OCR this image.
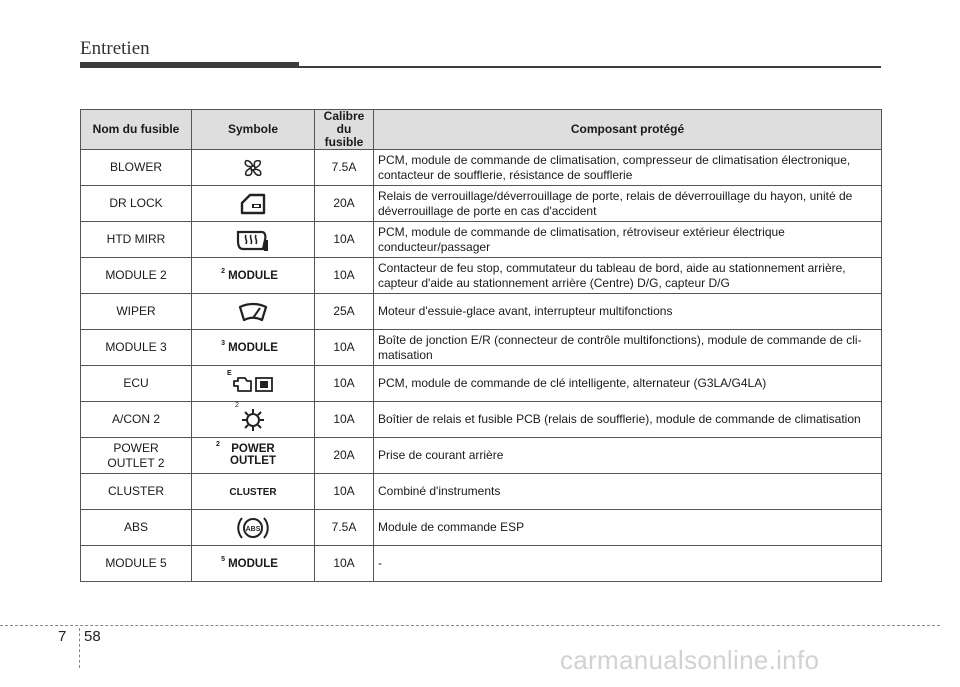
Entretien
Nom du fusible	Symbole	Calibre du fusible	Composant protégé
BLOWER		7.5A	PCM, module de commande de climatisation, compresseur de climatisation électronique, contacteur de soufflerie, résistance de soufflerie
DR LOCK		20A	Relais de verrouillage/déverrouillage de porte, relais de déverrouillage du hayon, unité de déverrouillage de porte en cas d'accident
HTD MIRR		10A	PCM, module de commande de climatisation, rétroviseur extérieur électrique conducteur/passager
MODULE 2	2 MODULE	10A	Contacteur de feu stop, commutateur du tableau de bord, aide au stationnement arrière, capteur d'aide au stationnement arrière (Centre) D/G, capteur D/G
WIPER		25A	Moteur d'essuie-glace avant, interrupteur multifonctions
MODULE 3	3 MODULE	10A	Boîte de jonction E/R (connecteur de contrôle multifonctions), module de commande de cli-matisation
ECU	E	10A	PCM, module de commande de clé intelligente, alternateur (G3LA/G4LA)
A/CON 2	2	10A	Boîtier de relais et fusible PCB (relais de soufflerie), module de commande de climatisation
POWER OUTLET 2	2 POWER OUTLET	20A	Prise de courant arrière
CLUSTER	CLUSTER	10A	Combiné d'instruments
ABS	ABS	7.5A	Module de commande ESP
MODULE 5	5 MODULE	10A	-
7 58
carmanualsonline.info
